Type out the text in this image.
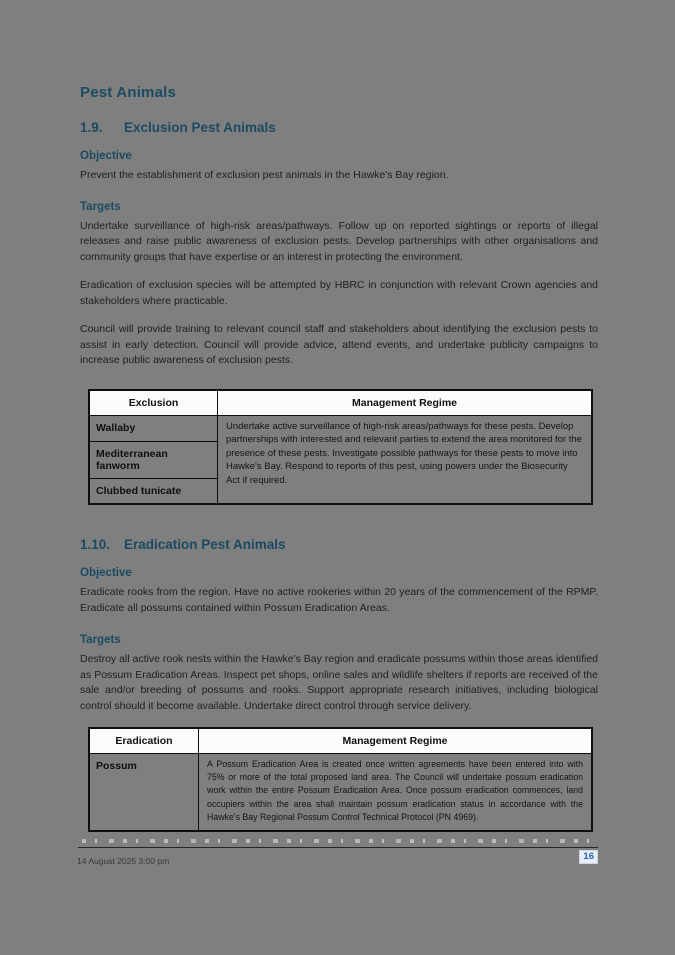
Pest Animals
1.9.	Exclusion Pest Animals
Objective

Prevent the establishment of exclusion pest animals in the Hawke's Bay region.

Targets

Undertake surveillance of high-risk areas/pathways. Follow up on reported sightings or reports of illegal releases and raise public awareness of exclusion pests. Develop partnerships with other organisations and community groups that have expertise or an interest in protecting the environment.

Eradication of exclusion species will be attempted by HBRC in conjunction with relevant Crown agencies and stakeholders where practicable.

Council will provide training to relevant council staff and stakeholders about identifying the exclusion pests to assist in early detection. Council will provide advice, attend events, and undertake publicity campaigns to increase public awareness of exclusion pests.

Exclusion	Management Regime
Wallaby	Undertake active surveillance of high-risk areas/pathways for these pests. Develop partnerships with interested and relevant parties to extend the area monitored for the presence of these pests. Investigate possible pathways for these pests to move into Hawke's Bay. Respond to reports of this pest, using powers under the Biosecurity Act if required.
Mediterranean fanworm	
Clubbed tunicate	
1.10.	Eradication Pest Animals
Objective

Eradicate rooks from the region. Have no active rookeries within 20 years of the commencement of the RPMP. Eradicate all possums contained within Possum Eradication Areas.

Targets

Destroy all active rook nests within the Hawke's Bay region and eradicate possums within those areas identified as Possum Eradication Areas. Inspect pet shops, online sales and wildlife shelters if reports are received of the sale and/or breeding of possums and rooks. Support appropriate research initiatives, including biological control should it become available. Undertake direct control through service delivery.

Eradication	Management Regime
Possum	A Possum Eradication Area is created once written agreements have been entered into with 75% or more of the total proposed land area. The Council will undertake possum eradication work within the entire Possum Eradication Area. Once possum eradication commences, land occupiers within the area shall maintain possum eradication status in accordance with the Hawke's Bay Regional Possum Control Technical Protocol (PN 4969).
14 August 2025 3:00 pm	16
